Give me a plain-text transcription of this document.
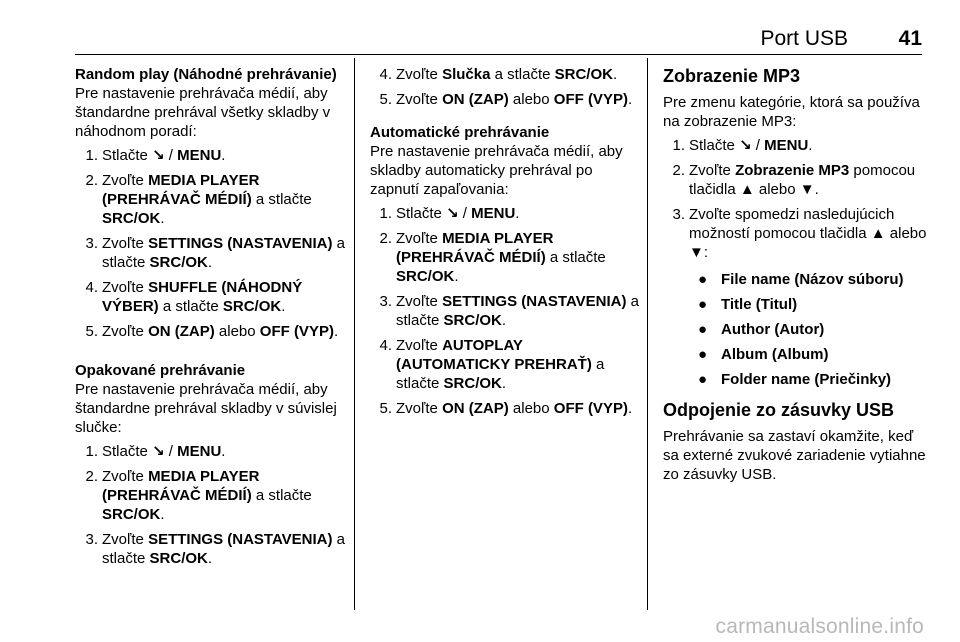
Port USB 41
Random play (Náhodné prehrávanie)

Pre nastavenie prehrávača médií, aby štandardne prehrával všetky skladby v náhodnom poradí:

1. Stlačte ↘ / MENU.
2. Zvoľte MEDIA PLAYER (PREHRÁVAČ MÉDIÍ) a stlačte SRC/OK.
3. Zvoľte SETTINGS (NASTAVENIA) a stlačte SRC/OK.
4. Zvoľte SHUFFLE (NÁHODNÝ VÝBER) a stlačte SRC/OK.
5. Zvoľte ON (ZAP) alebo OFF (VYP).
Opakované prehrávanie

Pre nastavenie prehrávača médií, aby štandardne prehrával skladby v súvislej slučke:

1. Stlačte ↘ / MENU.
2. Zvoľte MEDIA PLAYER (PREHRÁVAČ MÉDIÍ) a stlačte SRC/OK.
3. Zvoľte SETTINGS (NASTAVENIA) a stlačte SRC/OK.
4. Zvoľte Slučka a stlačte SRC/OK.
5. Zvoľte ON (ZAP) alebo OFF (VYP).
Automatické prehrávanie

Pre nastavenie prehrávača médií, aby skladby automaticky prehrával po zapnutí zapaľovania:

1. Stlačte ↘ / MENU.
2. Zvoľte MEDIA PLAYER (PREHRÁVAČ MÉDIÍ) a stlačte SRC/OK.
3. Zvoľte SETTINGS (NASTAVENIA) a stlačte SRC/OK.
4. Zvoľte AUTOPLAY (AUTOMATICKY PREHRAŤ) a stlačte SRC/OK.
5. Zvoľte ON (ZAP) alebo OFF (VYP).
Zobrazenie MP3

Pre zmenu kategórie, ktorá sa používa na zobrazenie MP3:

1. Stlačte ↘ / MENU.
2. Zvoľte Zobrazenie MP3 pomocou tlačidla ▲ alebo ▼.
3. Zvoľte spomedzi nasledujúcich možností pomocou tlačidla ▲ alebo ▼:
● File name (Názov súboru)
● Title (Titul)
● Author (Autor)
● Album (Album)
● Folder name (Priečinky)
Odpojenie zo zásuvky USB

Prehrávanie sa zastaví okamžite, keď sa externé zvukové zariadenie vytiahne zo zásuvky USB.

carmanualsonline.info
